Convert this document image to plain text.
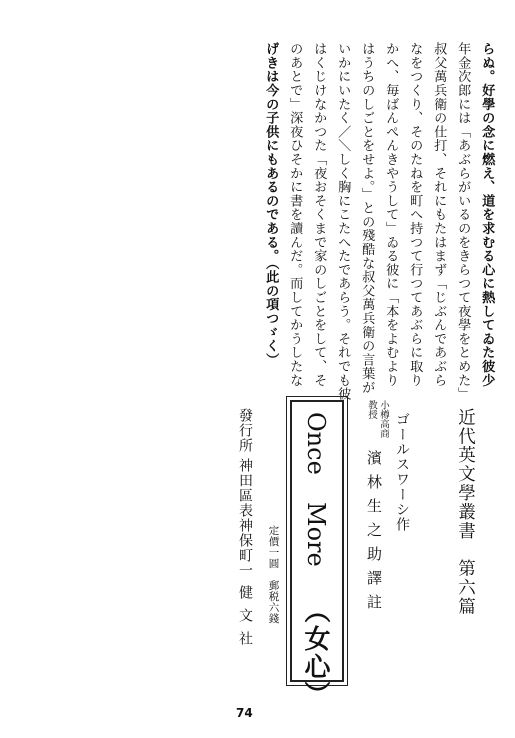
らぬ。好學の念に燃え、道を求むる心に熱してゐた彼少
年金次郎には「あぶらがいるのをきらつて夜學をとめた」
叔父萬兵衛の仕打、それにもたはまず「じぶんであぶら
なをつくり、そのたねを町へ持つて行つてあぶらに取り
かへ、毎ばんぺんきやうして」ゐる彼に「本をよむより
はうちのしごとをせよ。」との殘酷な叔父萬兵衛の言葉が
いかにいたく／＼しく胸にこたへたであらう。それでも彼
はくじけなかつた「夜おそくまで家のしごとをして、そ
のあとで」深夜ひそかに書を讀んだ。而してかうしたな
げきは今の子供にもあるのである。（此の項つゞく）
近代英文學叢書　第六篇
ゴールスワーシ作
小樽高商
教授
濱林生之助譯註
Once
More
（女心）
定價一圓　郵税六錢
發行所
神田區表神保町一
健文社
74
